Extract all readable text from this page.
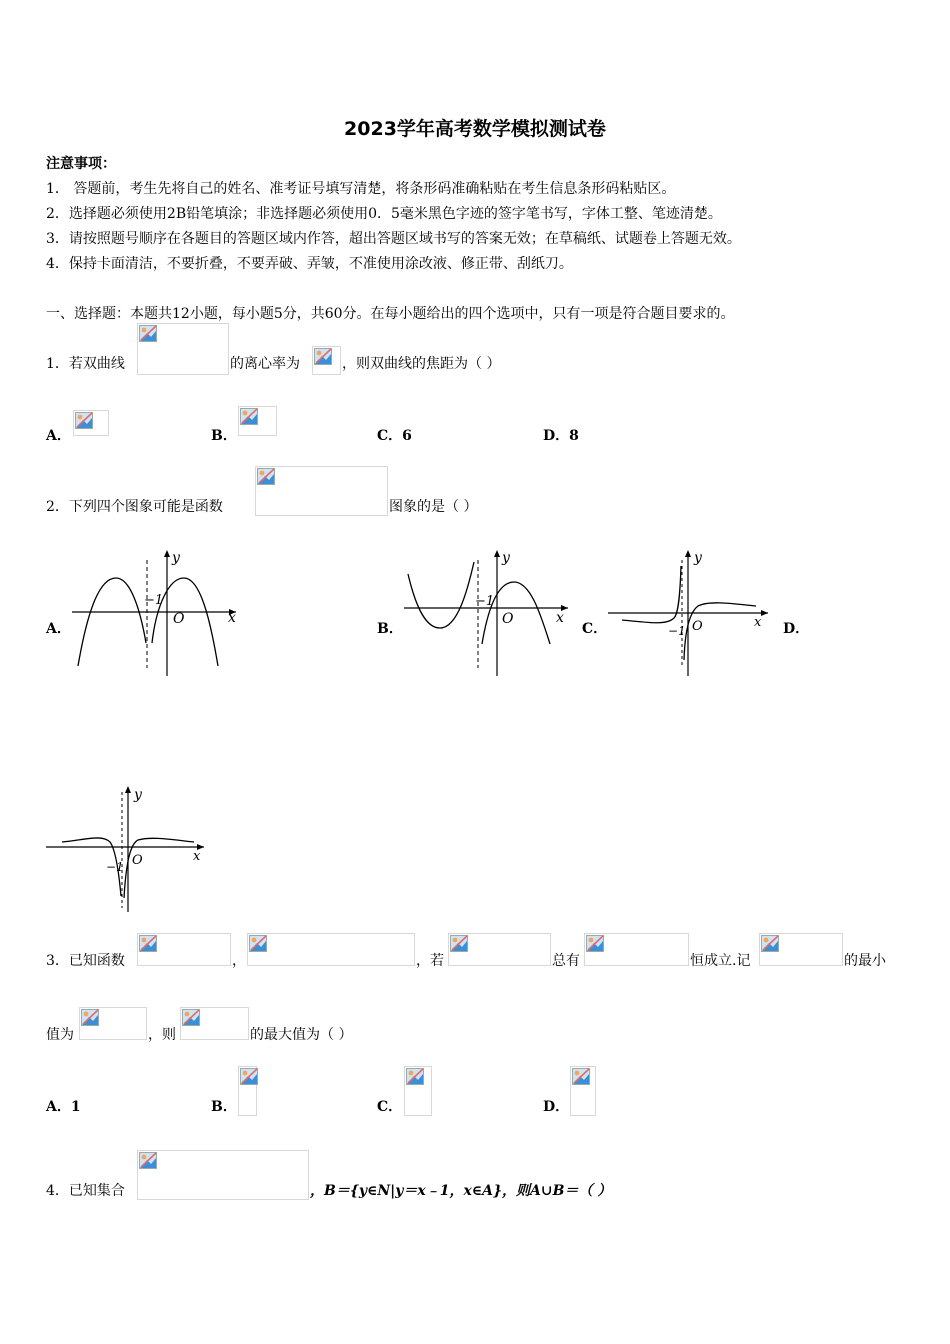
2023学年高考数学模拟测试卷
注意事项：
1． 答题前，考生先将自己的姓名、准考证号填写清楚，将条形码准确粘贴在考生信息条形码粘贴区。
2．选择题必须使用2B铅笔填涂；非选择题必须使用0．5毫米黑色字迹的签字笔书写，字体工整、笔迹清楚。
3．请按照题号顺序在各题目的答题区域内作答，超出答题区域书写的答案无效；在草稿纸、试题卷上答题无效。
4．保持卡面清洁，不要折叠，不要弄破、弄皱，不准使用涂改液、修正带、刮纸刀。
一、选择题：本题共12小题，每小题5分，共60分。在每小题给出的四个选项中，只有一项是符合题目要求的。
1．若双曲线	的离心率为	，则双曲线的焦距为（ ）
A．	B．	C．6	D．8
2．下列四个图象可能是函数	图象的是（ ）
A．
y
x
O
−1
B．
y
x
O
−1
C．
y
x
O
−1	D．
y
x
O
−1
3．已知函数	，	，若	总有	恒成立.记	的最小
值为	，则	的最大值为（ ）
A．1	B．	C．	D．
4．已知集合	，B＝{y∈N|y＝x﹣1，x∈A}，则A∪B＝（ ）
